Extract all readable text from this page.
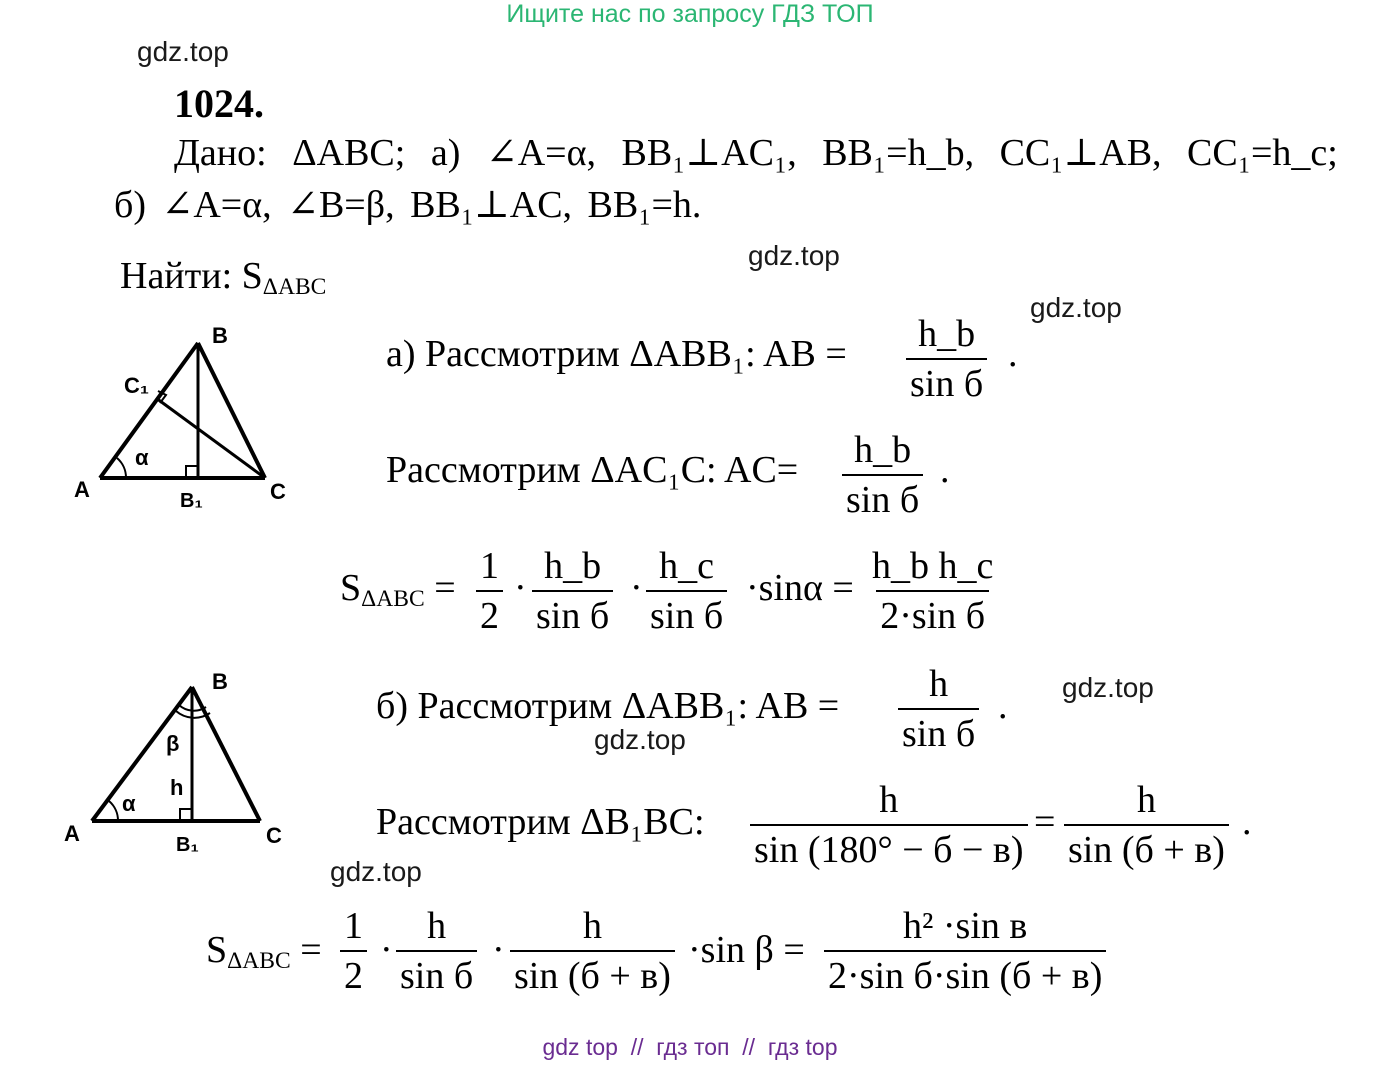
Ищите нас по запросу ГДЗ ТОП
gdz.top
gdz.top
gdz.top
gdz.top
gdz.top
gdz.top
1024.
Дано: ΔABC; а) ∠A=α, BB₁⊥AC₁, BB₁=h_b, CC₁⊥AB, CC₁=h_c;
б) ∠A=α, ∠B=β, BB₁⊥AC, BB₁=h.
Найти: $S_{\Delta ABC}$
B
C₁
α
A	B₁	C
B
β
h
α
A	B₁	C
а) Рассмотрим ΔABB₁: AB = h_b
sin б
.
Рассмотрим ΔAC₁C: AC= h_b
sin б
.
$S_{\Delta ABC} = \frac{1}{2}$ ·
h_b
sin б
·
h_c
sin б
·sinα =
h_b h_c
2·sin б
б) Рассмотрим ΔABB₁: AB =
h
sin б
.
Рассмотрим ΔB₁BC:
h
sin (180° − б − в)
=
h
sin (б + в)
.
$S_{\Delta ABC} = \frac{1}{2}$ ·
h
sin б
·
h
sin (б + в)
·sin β =
h² ·sin в
2·sin б·sin (б + в)
gdz top  //  гдз топ  //  гдз top
